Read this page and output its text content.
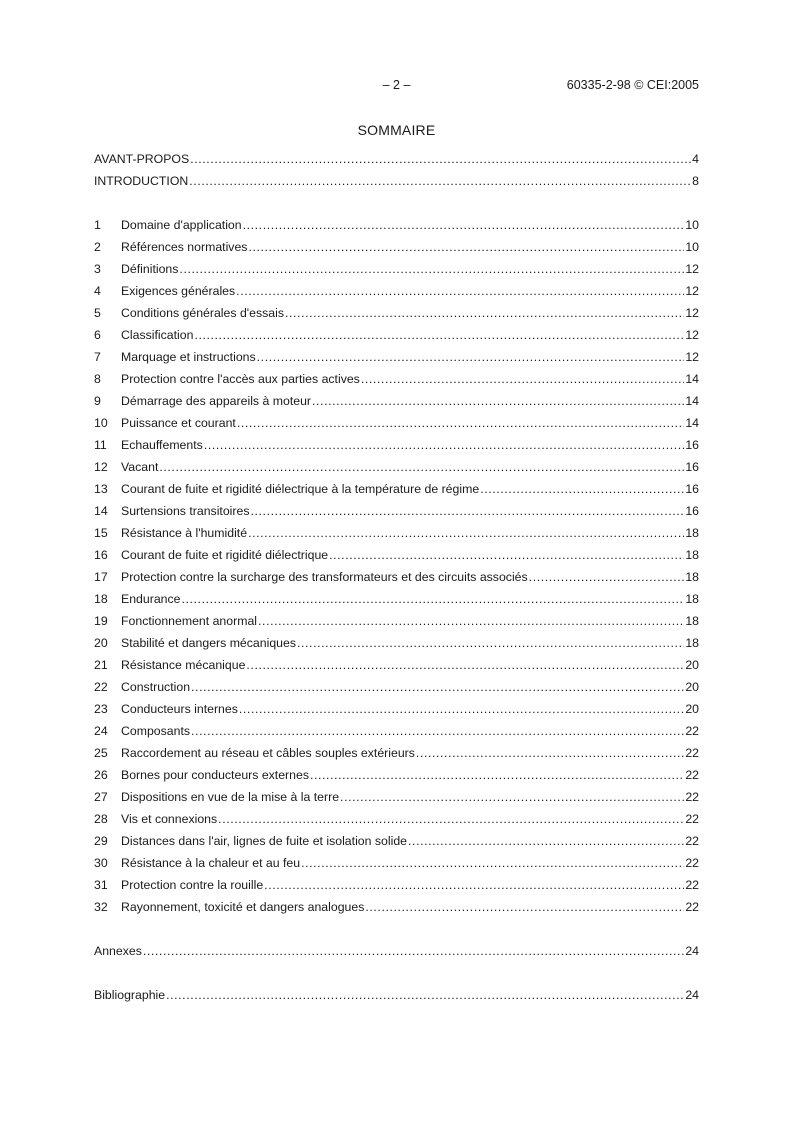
– 2 –	60335-2-98 © CEI:2005
SOMMAIRE
AVANT-PROPOS .....	4
INTRODUCTION .....	8
1	Domaine d'application .....	10
2	Références normatives .....	10
3	Définitions .....	12
4	Exigences générales .....	12
5	Conditions générales d'essais .....	12
6	Classification .....	12
7	Marquage et instructions .....	12
8	Protection contre l'accès aux parties actives .....	14
9	Démarrage des appareils à moteur .....	14
10	Puissance et courant .....	14
11	Echauffements .....	16
12	Vacant .....	16
13	Courant de fuite et rigidité diélectrique à la température de régime .....	16
14	Surtensions transitoires .....	16
15	Résistance à l'humidité .....	18
16	Courant de fuite et rigidité diélectrique .....	18
17	Protection contre la surcharge des transformateurs et des circuits associés .....	18
18	Endurance .....	18
19	Fonctionnement anormal .....	18
20	Stabilité et dangers mécaniques .....	18
21	Résistance mécanique .....	20
22	Construction .....	20
23	Conducteurs internes .....	20
24	Composants .....	22
25	Raccordement au réseau et câbles souples extérieurs .....	22
26	Bornes pour conducteurs externes .....	22
27	Dispositions en vue de la mise à la terre .....	22
28	Vis et connexions .....	22
29	Distances dans l'air, lignes de fuite et isolation solide .....	22
30	Résistance à la chaleur et au feu .....	22
31	Protection contre la rouille .....	22
32	Rayonnement, toxicité et dangers analogues .....	22
Annexes .....	24
Bibliographie .....	24
